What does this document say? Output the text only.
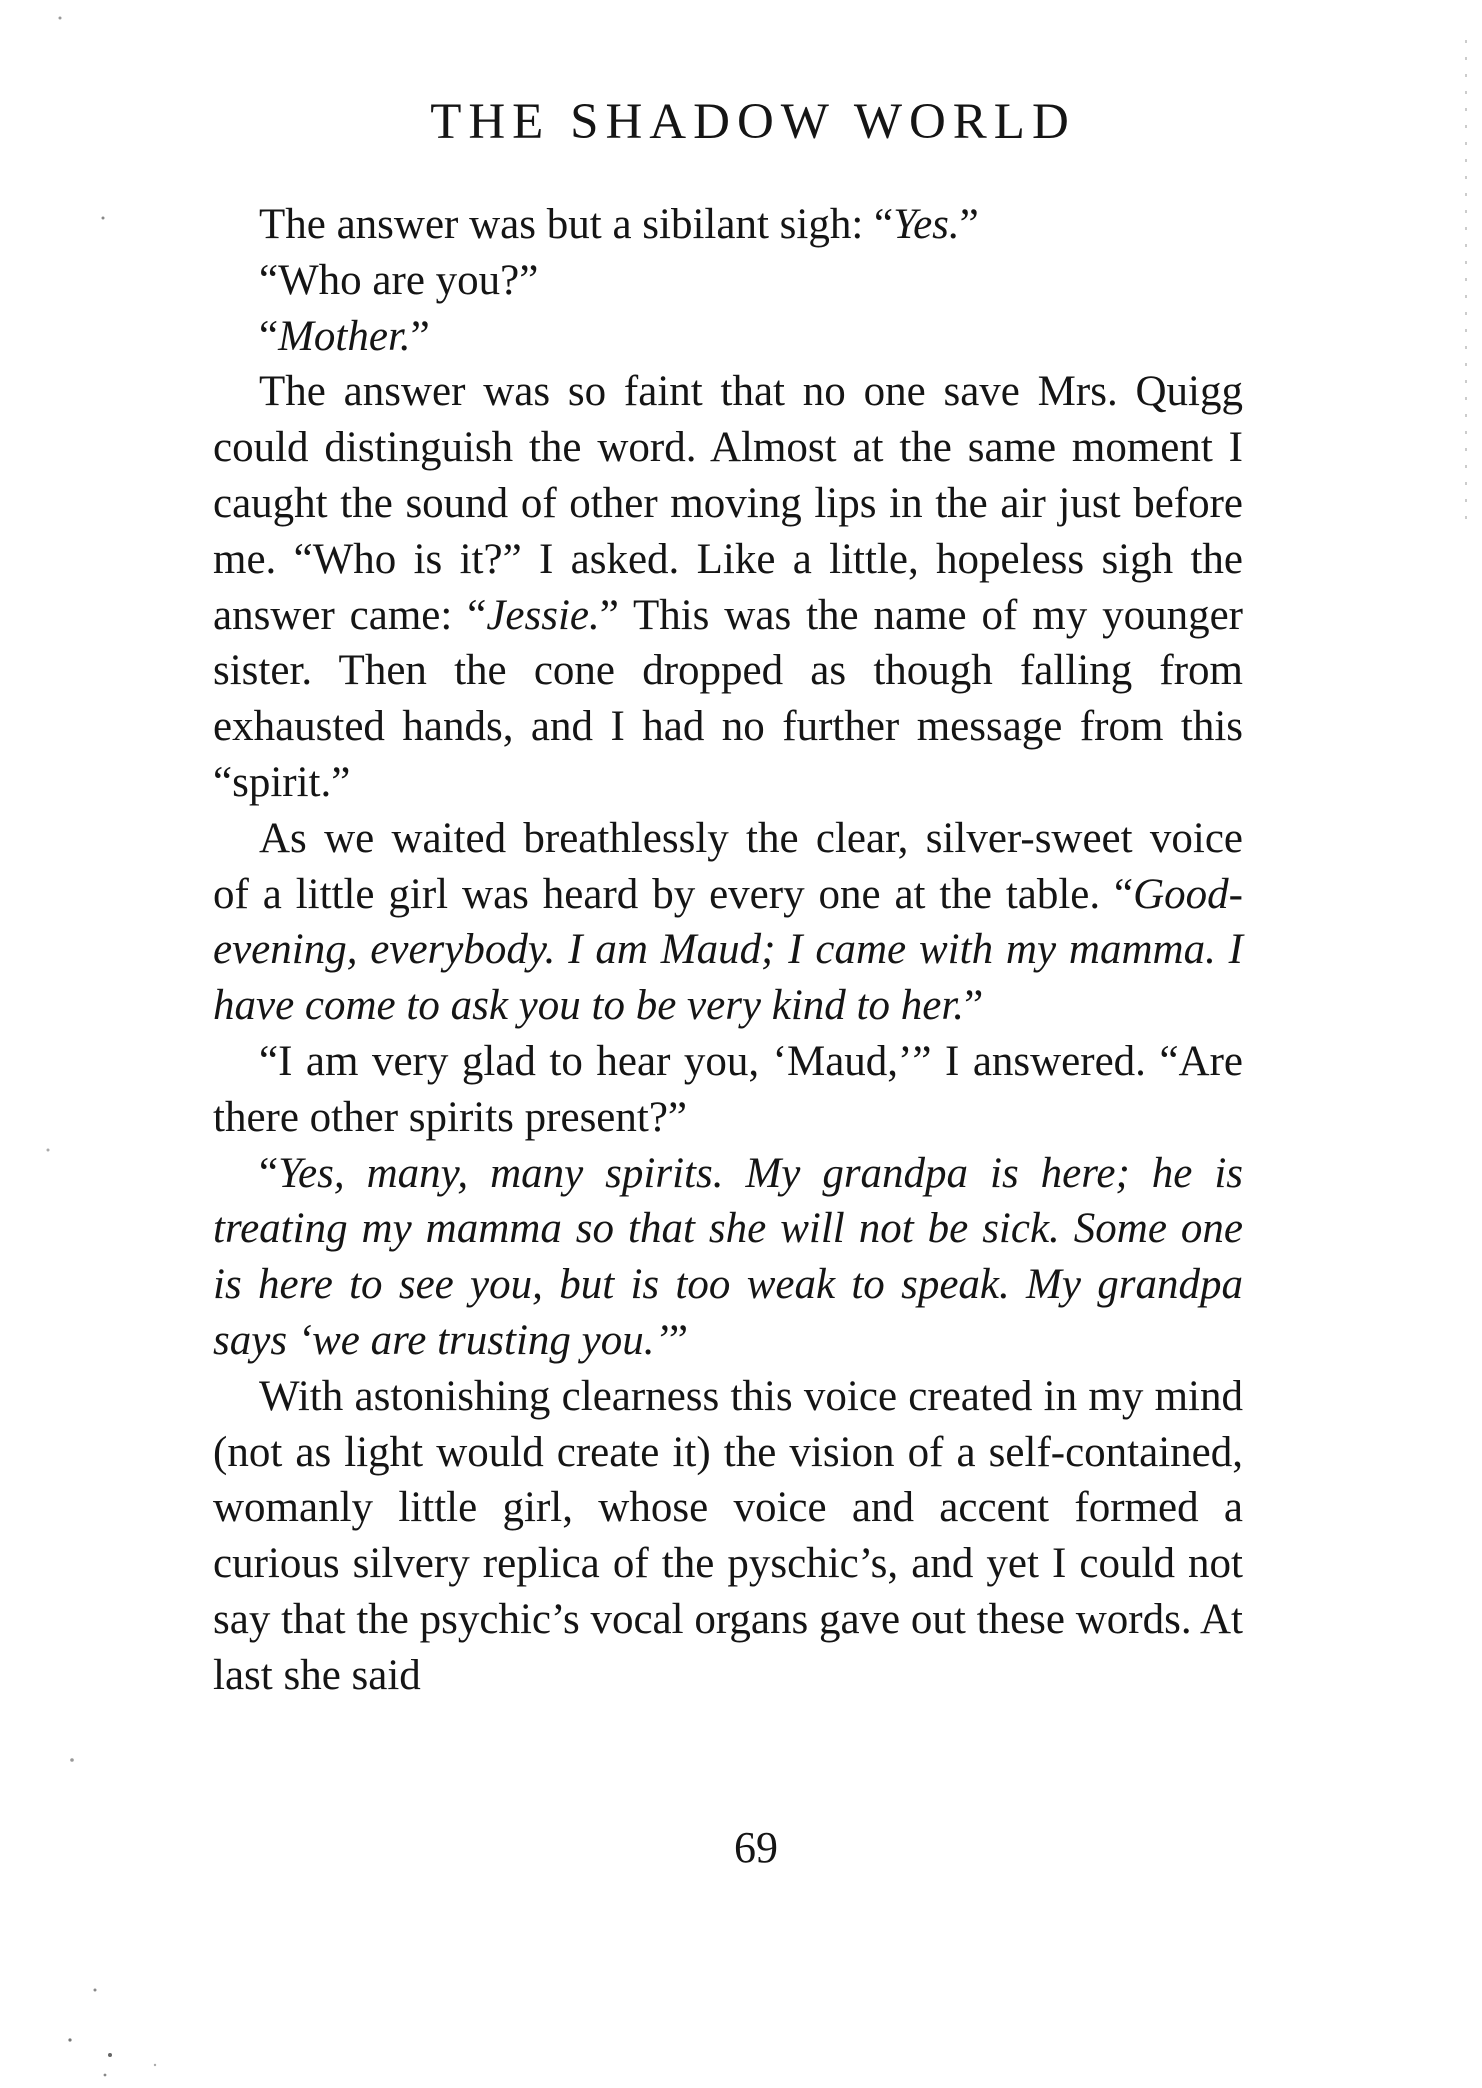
THE SHADOW WORLD

The answer was but a sibilant sigh: “Yes.”

“Who are you?”

“Mother.”

The answer was so faint that no one save Mrs. Quigg could distinguish the word. Almost at the same moment I caught the sound of other moving lips in the air just before me. “Who is it?” I asked. Like a little, hopeless sigh the answer came: “Jessie.” This was the name of my younger sister. Then the cone dropped as though falling from exhausted hands, and I had no further message from this “spirit.”

As we waited breathlessly the clear, silver-sweet voice of a little girl was heard by every one at the table. “Good-evening, everybody. I am Maud; I came with my mamma. I have come to ask you to be very kind to her.”

“I am very glad to hear you, ‘Maud,’” I answered. “Are there other spirits present?”

“Yes, many, many spirits. My grandpa is here; he is treating my mamma so that she will not be sick. Some one is here to see you, but is too weak to speak. My grandpa says ‘we are trusting you.’”

With astonishing clearness this voice created in my mind (not as light would create it) the vision of a self-contained, womanly little girl, whose voice and accent formed a curious silvery replica of the pyschic’s, and yet I could not say that the psychic’s vocal organs gave out these words. At last she said

69
